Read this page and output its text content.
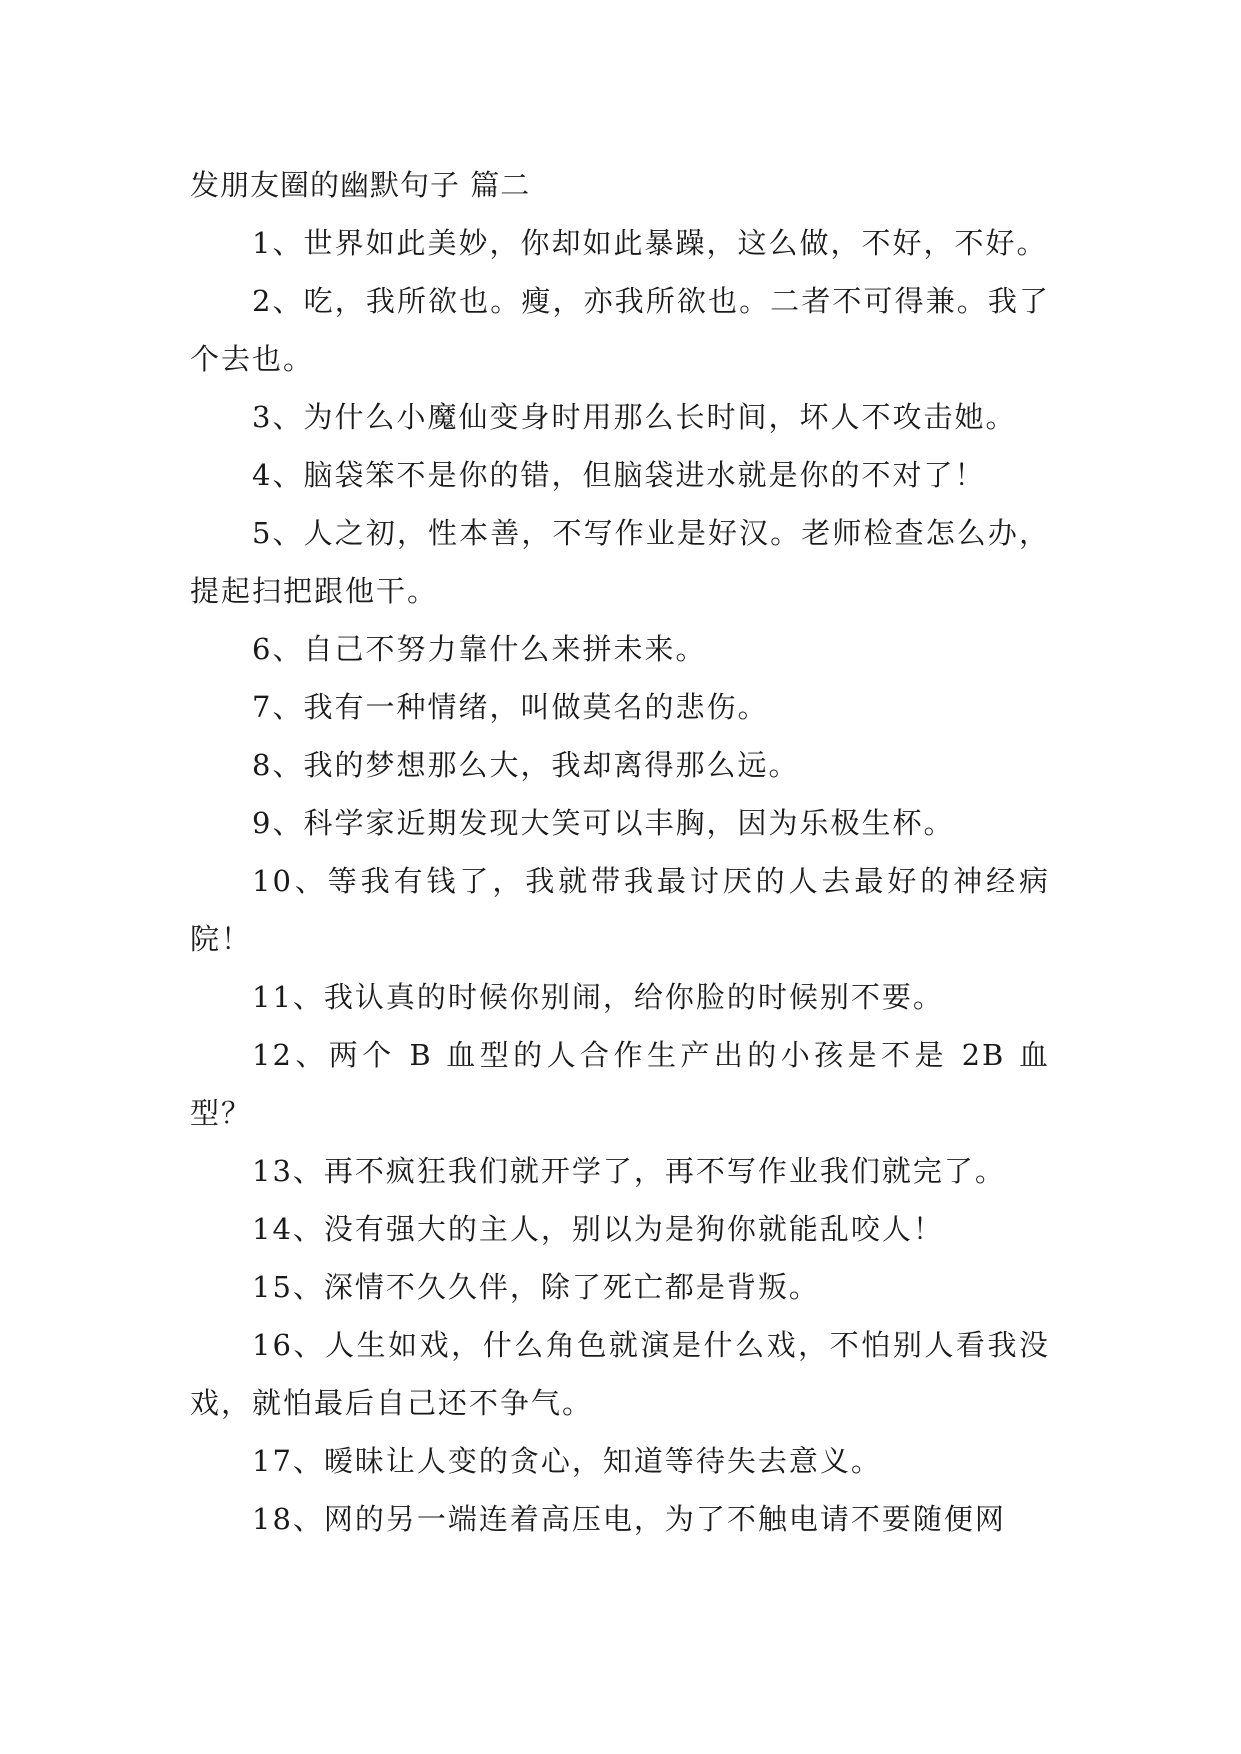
发朋友圈的幽默句子 篇二

1、世界如此美妙，你却如此暴躁，这么做，不好，不好。

2、吃，我所欲也。瘦，亦我所欲也。二者不可得兼。我了个去也。

3、为什么小魔仙变身时用那么长时间，坏人不攻击她。

4、脑袋笨不是你的错，但脑袋进水就是你的不对了！

5、人之初，性本善，不写作业是好汉。老师检查怎么办，提起扫把跟他干。

6、自己不努力靠什么来拼未来。

7、我有一种情绪，叫做莫名的悲伤。

8、我的梦想那么大，我却离得那么远。

9、科学家近期发现大笑可以丰胸，因为乐极生杯。

10、等我有钱了，我就带我最讨厌的人去最好的神经病院！

11、我认真的时候你别闹，给你脸的时候别不要。

12、两个 B 血型的人合作生产出的小孩是不是 2B 血型？

13、再不疯狂我们就开学了，再不写作业我们就完了。

14、没有强大的主人，别以为是狗你就能乱咬人！

15、深情不久久伴，除了死亡都是背叛。

16、人生如戏，什么角色就演是什么戏，不怕别人看我没戏，就怕最后自己还不争气。

17、暧昧让人变的贪心，知道等待失去意义。

18、网的另一端连着高压电，为了不触电请不要随便网
